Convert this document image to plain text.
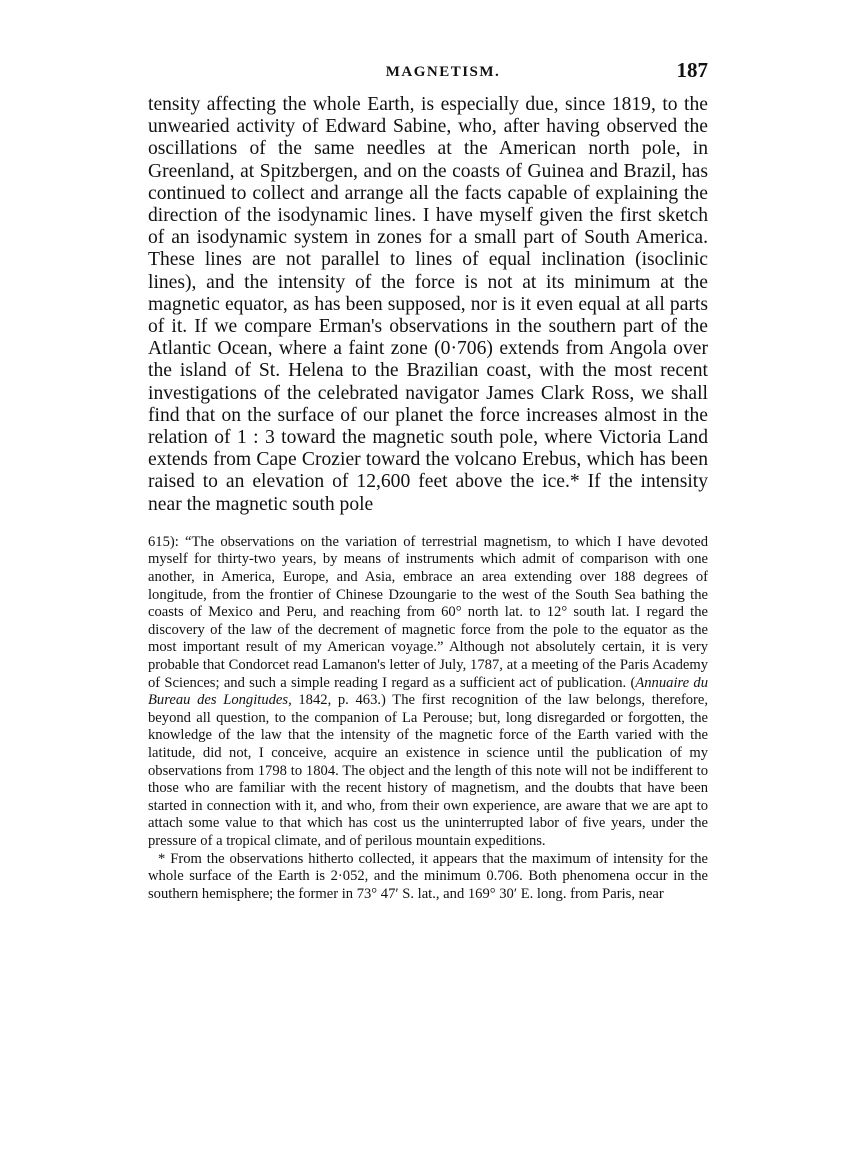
MAGNETISM.	187

tensity affecting the whole Earth, is especially due, since 1819, to the unwearied activity of Edward Sabine, who, after having observed the oscillations of the same needles at the American north pole, in Greenland, at Spitzbergen, and on the coasts of Guinea and Brazil, has continued to collect and arrange all the facts capable of explaining the direction of the isodynamic lines. I have myself given the first sketch of an isodynamic system in zones for a small part of South America. These lines are not parallel to lines of equal inclination (isoclinic lines), and the intensity of the force is not at its minimum at the magnetic equator, as has been supposed, nor is it even equal at all parts of it. If we compare Erman's observations in the southern part of the Atlantic Ocean, where a faint zone (0·706) extends from Angola over the island of St. Helena to the Brazilian coast, with the most recent investigations of the celebrated navigator James Clark Ross, we shall find that on the surface of our planet the force increases almost in the relation of 1 : 3 toward the magnetic south pole, where Victoria Land extends from Cape Crozier toward the volcano Erebus, which has been raised to an elevation of 12,600 feet above the ice.* If the intensity near the magnetic south pole

615): “The observations on the variation of terrestrial magnetism, to which I have devoted myself for thirty-two years, by means of instruments which admit of comparison with one another, in America, Europe, and Asia, embrace an area extending over 188 degrees of longitude, from the frontier of Chinese Dzoungarie to the west of the South Sea bathing the coasts of Mexico and Peru, and reaching from 60° north lat. to 12° south lat. I regard the discovery of the law of the decrement of magnetic force from the pole to the equator as the most important result of my American voyage.” Although not absolutely certain, it is very probable that Condorcet read Lamanon's letter of July, 1787, at a meeting of the Paris Academy of Sciences; and such a simple reading I regard as a sufficient act of publication. (Annuaire du Bureau des Longitudes, 1842, p. 463.) The first recognition of the law belongs, therefore, beyond all question, to the companion of La Perouse; but, long disregarded or forgotten, the knowledge of the law that the intensity of the magnetic force of the Earth varied with the latitude, did not, I conceive, acquire an existence in science until the publication of my observations from 1798 to 1804. The object and the length of this note will not be indifferent to those who are familiar with the recent history of magnetism, and the doubts that have been started in connection with it, and who, from their own experience, are aware that we are apt to attach some value to that which has cost us the uninterrupted labor of five years, under the pressure of a tropical climate, and of perilous mountain expeditions.

* From the observations hitherto collected, it appears that the maximum of intensity for the whole surface of the Earth is 2·052, and the minimum 0.706. Both phenomena occur in the southern hemisphere; the former in 73° 47′ S. lat., and 169° 30′ E. long. from Paris, near
